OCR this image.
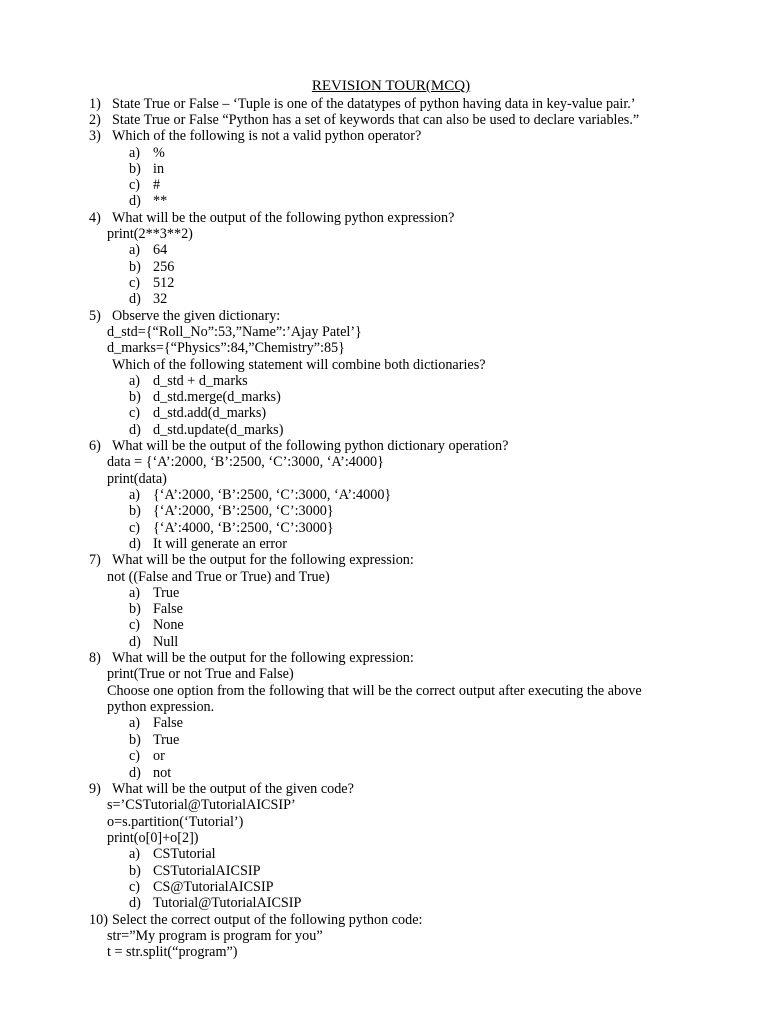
REVISION TOUR(MCQ)
1) State True or False – ‘Tuple is one of the datatypes of python having data in key-value pair.’
2) State True or False “Python has a set of keywords that can also be used to declare variables.”
3) Which of the following is not a valid python operator?
a) %
b) in
c) #
d) **
4) What will be the output of the following python expression?
print(2**3**2)
a) 64
b) 256
c) 512
d) 32
5) Observe the given dictionary:
d_std={“Roll_No”:53,”Name”:’Ajay Patel’}
d_marks={“Physics”:84,”Chemistry”:85}
Which of the following statement will combine both dictionaries?
a) d_std + d_marks
b) d_std.merge(d_marks)
c) d_std.add(d_marks)
d) d_std.update(d_marks)
6) What will be the output of the following python dictionary operation?
data = {‘A’:2000, ‘B’:2500, ‘C’:3000, ‘A’:4000}
print(data)
a) {‘A’:2000, ‘B’:2500, ‘C’:3000, ‘A’:4000}
b) {‘A’:2000, ‘B’:2500, ‘C’:3000}
c) {‘A’:4000, ‘B’:2500, ‘C’:3000}
d) It will generate an error
7) What will be the output for the following expression:
not ((False and True or True) and True)
a) True
b) False
c) None
d) Null
8) What will be the output for the following expression:
print(True or not True and False)
Choose one option from the following that will be the correct output after executing the above
python expression.
a) False
b) True
c) or
d) not
9) What will be the output of the given code?
s=’CSTutorial@TutorialAICSIP’
o=s.partition(‘Tutorial’)
print(o[0]+o[2])
a) CSTutorial
b) CSTutorialAICSIP
c) CS@TutorialAICSIP
d) Tutorial@TutorialAICSIP
10) Select the correct output of the following python code:
str=”My program is program for you”
t = str.split(“program”)
